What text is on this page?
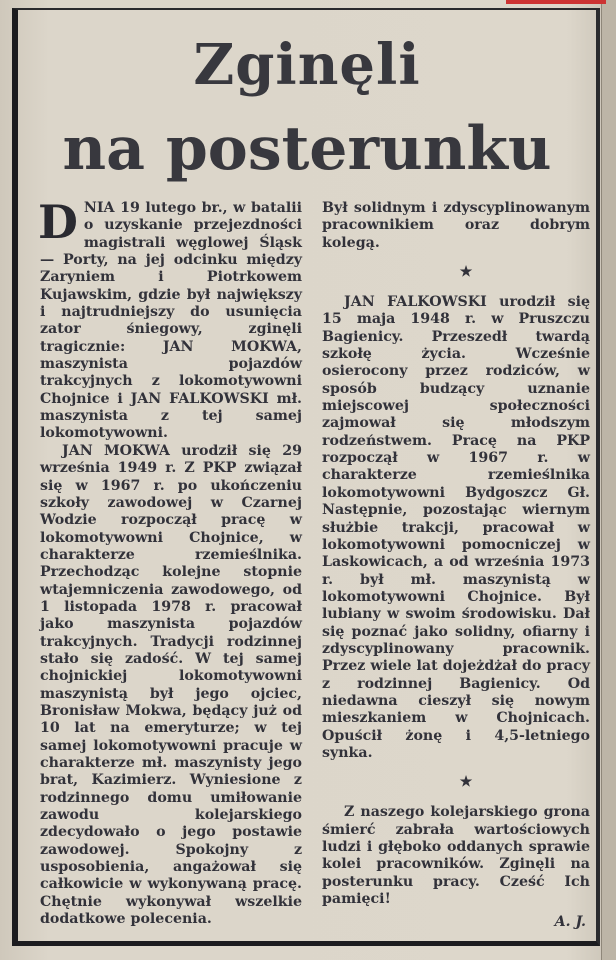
Zginęli
na posterunku

DNIA 19 lutego br., w batalii o uzyskanie przejezdności magistrali węglowej Śląsk — Porty, na jej odcinku między Zaryniem i Piotrkowem Kujawskim, gdzie był największy i najtrudniejszy do usunięcia zator śniegowy, zginęli tragicznie: JAN MOKWA, maszynista pojazdów trakcyjnych z lokomotywowni Chojnice i JAN FALKOWSKI mł. maszynista z tej samej lokomotywowni.

JAN MOKWA urodził się 29 września 1949 r. Z PKP związał się w 1967 r. po ukończeniu szkoły zawodowej w Czarnej Wodzie rozpoczął pracę w lokomotywowni Chojnice, w charakterze rzemieślnika. Przechodząc kolejne stopnie wtajemniczenia zawodowego, od 1 listopada 1978 r. pracował jako maszynista pojazdów trakcyjnych. Tradycji rodzinnej stało się zadość. W tej samej chojnickiej lokomotywowni maszynistą był jego ojciec, Bronisław Mokwa, będący już od 10 lat na emeryturze; w tej samej lokomotywowni pracuje w charakterze mł. maszynisty jego brat, Kazimierz. Wyniesione z rodzinnego domu umiłowanie zawodu kolejarskiego zdecydowało o jego postawie zawodowej. Spokojny z usposobienia, angażował się całkowicie w wykonywaną pracę. Chętnie wykonywał wszelkie dodatkowe polecenia.

Był solidnym i zdyscyplinowanym pracownikiem oraz dobrym kolegą.

★

JAN FALKOWSKI urodził się 15 maja 1948 r. w Pruszczu Bagienicy. Przeszedł twardą szkołę życia. Wcześnie osierocony przez rodziców, w sposób budzący uznanie miejscowej społeczności zajmował się młodszym rodzeństwem. Pracę na PKP rozpoczął w 1967 r. w charakterze rzemieślnika lokomotywowni Bydgoszcz Gł. Następnie, pozostając wiernym służbie trakcji, pracował w lokomotywowni pomocniczej w Laskowicach, a od września 1973 r. był mł. maszynistą w lokomotywowni Chojnice. Był lubiany w swoim środowisku. Dał się poznać jako solidny, ofiarny i zdyscyplinowany pracownik. Przez wiele lat dojeżdżał do pracy z rodzinnej Bagienicy. Od niedawna cieszył się nowym mieszkaniem w Chojnicach. Opuścił żonę i 4,5-letniego synka.

★

Z naszego kolejarskiego grona śmierć zabrała wartościowych ludzi i głęboko oddanych sprawie kolei pracowników. Zginęli na posterunku pracy. Cześć Ich pamięci!

A. J.
